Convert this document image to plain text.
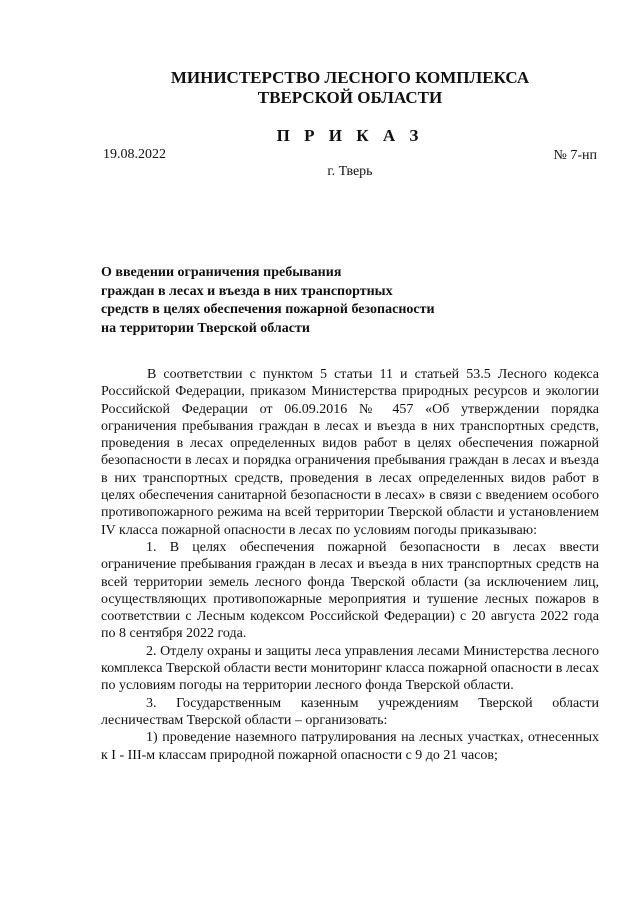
МИНИСТЕРСТВО ЛЕСНОГО КОМПЛЕКСА
ТВЕРСКОЙ ОБЛАСТИ
П Р И К А З
19.08.2022	№ 7-нп
г. Тверь
О введении ограничения пребывания
граждан в лесах и въезда в них транспортных
средств в целях обеспечения пожарной безопасности
на территории Тверской области

В соответствии с пунктом 5 статьи 11 и статьей 53.5 Лесного кодекса Российской Федерации, приказом Министерства природных ресурсов и экологии Российской Федерации от 06.09.2016 № 457 «Об утверждении порядка ограничения пребывания граждан в лесах и въезда в них транспортных средств, проведения в лесах определенных видов работ в целях обеспечения пожарной безопасности в лесах и порядка ограничения пребывания граждан в лесах и въезда в них транспортных средств, проведения в лесах определенных видов работ в целях обеспечения санитарной безопасности в лесах» в связи с введением особого противопожарного режима на всей территории Тверской области и установлением IV класса пожарной опасности в лесах по условиям погоды приказываю:

1. В целях обеспечения пожарной безопасности в лесах ввести ограничение пребывания граждан в лесах и въезда в них транспортных средств на всей территории земель лесного фонда Тверской области (за исключением лиц, осуществляющих противопожарные мероприятия и тушение лесных пожаров в соответствии с Лесным кодексом Российской Федерации) с 20 августа 2022 года по 8 сентября 2022 года.

2. Отделу охраны и защиты леса управления лесами Министерства лесного комплекса Тверской области вести мониторинг класса пожарной опасности в лесах по условиям погоды на территории лесного фонда Тверской области.

3. Государственным казенным учреждениям Тверской области лесничествам Тверской области – организовать:

1) проведение наземного патрулирования на лесных участках, отнесенных к I - III-м классам природной пожарной опасности с 9 до 21 часов;
